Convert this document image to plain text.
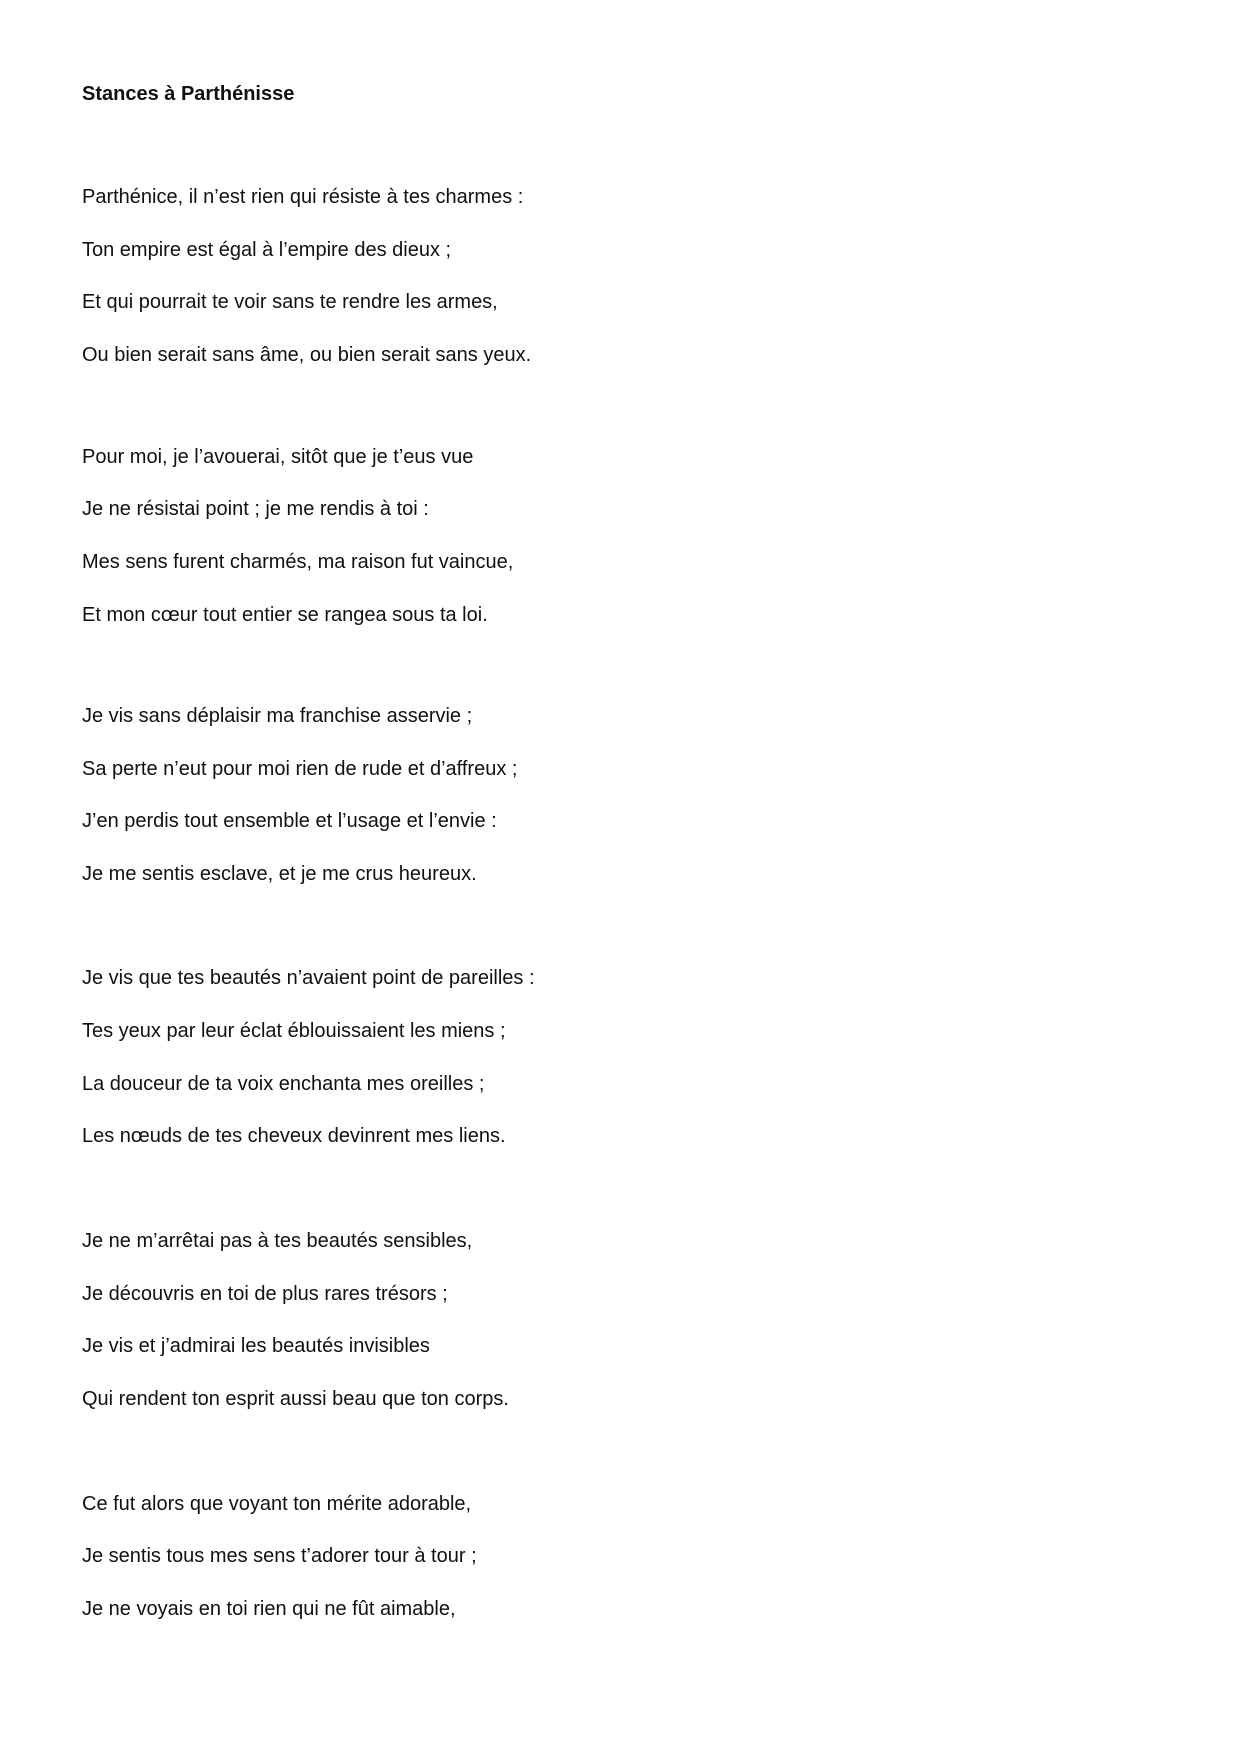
Stances à Parthénisse
Parthénice, il n’est rien qui résiste à tes charmes :
Ton empire est égal à l’empire des dieux ;
Et qui pourrait te voir sans te rendre les armes,
Ou bien serait sans âme, ou bien serait sans yeux.
Pour moi, je l’avouerai, sitôt que je t’eus vue
Je ne résistai point ; je me rendis à toi :
Mes sens furent charmés, ma raison fut vaincue,
Et mon cœur tout entier se rangea sous ta loi.
Je vis sans déplaisir ma franchise asservie ;
Sa perte n’eut pour moi rien de rude et d’affreux ;
J’en perdis tout ensemble et l’usage et l’envie :
Je me sentis esclave, et je me crus heureux.
Je vis que tes beautés n’avaient point de pareilles :
Tes yeux par leur éclat éblouissaient les miens ;
La douceur de ta voix enchanta mes oreilles ;
Les nœuds de tes cheveux devinrent mes liens.
Je ne m’arrêtai pas à tes beautés sensibles,
Je découvris en toi de plus rares trésors ;
Je vis et j’admirai les beautés invisibles
Qui rendent ton esprit aussi beau que ton corps.
Ce fut alors que voyant ton mérite adorable,
Je sentis tous mes sens t’adorer tour à tour ;
Je ne voyais en toi rien qui ne fût aimable,
